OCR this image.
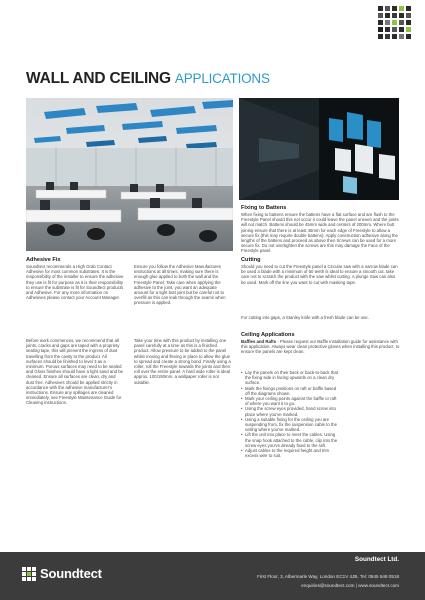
WALL AND CEILING APPLICATIONS
Fixing to Battens

When fixing to battens ensure the battens have a flat surface and are flush to the Freestyle Panel should this not occur it could leave the panel uneven and the joints will not match. Battens should be 45mm wide and centers of 200mm. Where butt joining ensure that there is at least 45mm for each edge of Freestyle to allow a secure fix (this may require double battens). Apply construction adhesive along the lengths of the battens and proceed as above then Screws can be used for a more secure fix. Do not overtighten the screws are this may damage the Face of the Freestyle panel.

Adhesive Fix

Soundtect recommends a High Grab Contact Adhesive for most common substrates. It is the responsibility of the installer to ensure the adhesive they use is fit for purpose as it is their responsibility to ensure the substrate is fit for Soundtect products and Adhesive. For any more information on Adhesives please contact your Account Manager.

Before work commences, we recommend that all joints, cracks and gaps are taped with a propriety sealing tape, this will prevent the ingress of dust travelling from the cavity to the product. All surfaces should be finished to level 3 as a minimum. Porous surfaces may need to be sealed and Gloss finishes should have a light sand and be cleaned. Ensure all surfaces are clean, dry and dust free. Adhesives should be applied strictly in accordance with the adhesive manufacturer's instructions. Ensure any spillages are cleaned immediately, see Freestyle Maintenance Guide for Cleaning instructions.

Ensure you follow the Adhesive Manufactures instructions at all times, making sure there is enough glue applied to both the wall and the Freestyle Panel. Take care when applying the adhesive to the joint, you want an adequate amount for a tight butt joint but be careful not to overfill as this can leak through the seams when pressure is applied.

Take your time with this product by installing one panel carefully at a time as this is a finished product. Allow pressure to be added to the panel whilst moving and flexing in place to allow the glue to spread and create a strong bond. Finally using a roller, roll the Freestyle towards the joints and then roll over the entire panel. A hard wide roller is ideal approx. 100/150mm, a wallpaper roller is not suitable.

Cutting

Should you need to cut the Freestyle panel a Circular saw with a narrow blade can be used a blade with a minimum of 60 teeth is ideal to ensure a smooth cut. take care not to scratch the product with the saw whilst cutting. A plunge Saw can also be used. Mark off the line you want to cut with masking tape.

For cutting into gaps, a Stanley knife with a fresh blade can be use.

Ceiling Applications

Baffles and Rafts - Please request our Baffle installation guide for assistance with this application. Always wear clean protective gloves when installing this product, to ensure the panels are kept clean.

• Lay the panels on their back or back-to-back that the fixing side in facing upwards on a clean dry surface.
• Mark the fixings positions on raft or baffle based off the diagrams shown.
• Mark your ceiling points against the baffle or raft of where you want it to go.
• Using the screw eyes provided, hand screw into place where you've marked.
• Using a suitable fixing for the ceiling you are suspending from, fix the suspension cable to the ceiling where you've marked.
• Lift the unit into place to meet the cables. Using the snap hook attached to the cable, clip into the screw eyes you've already fixed to the raft.
• Adjust cables to the required height and trim excess wire to suit.
Soundtect
Soundtect Ltd.
First Floor, 3, Albermarle Way, London EC1V 4JB. Tel: 0845 548 0518
enquiries@soundtect.com | www.soundtect.com
